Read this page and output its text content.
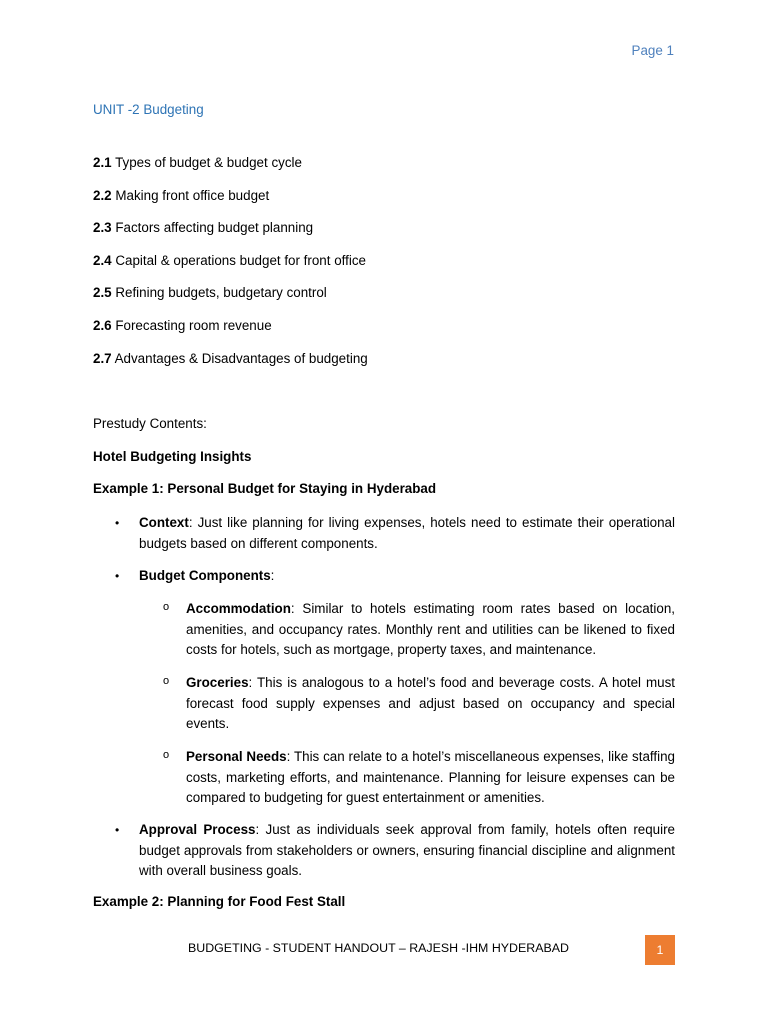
Page 1
UNIT -2 Budgeting
2.1 Types of budget & budget cycle
2.2 Making front office budget
2.3 Factors affecting budget planning
2.4 Capital & operations budget for front office
2.5 Refining budgets, budgetary control
2.6 Forecasting room revenue
2.7 Advantages & Disadvantages of budgeting
Prestudy Contents:
Hotel Budgeting Insights
Example 1: Personal Budget for Staying in Hyderabad
• Context: Just like planning for living expenses, hotels need to estimate their operational budgets based on different components.
• Budget Components:
o Accommodation: Similar to hotels estimating room rates based on location, amenities, and occupancy rates. Monthly rent and utilities can be likened to fixed costs for hotels, such as mortgage, property taxes, and maintenance.
o Groceries: This is analogous to a hotel’s food and beverage costs. A hotel must forecast food supply expenses and adjust based on occupancy and special events.
o Personal Needs: This can relate to a hotel’s miscellaneous expenses, like staffing costs, marketing efforts, and maintenance. Planning for leisure expenses can be compared to budgeting for guest entertainment or amenities.
• Approval Process: Just as individuals seek approval from family, hotels often require budget approvals from stakeholders or owners, ensuring financial discipline and alignment with overall business goals.
Example 2: Planning for Food Fest Stall
BUDGETING - STUDENT HANDOUT – RAJESH -IHM HYDERABAD	1
